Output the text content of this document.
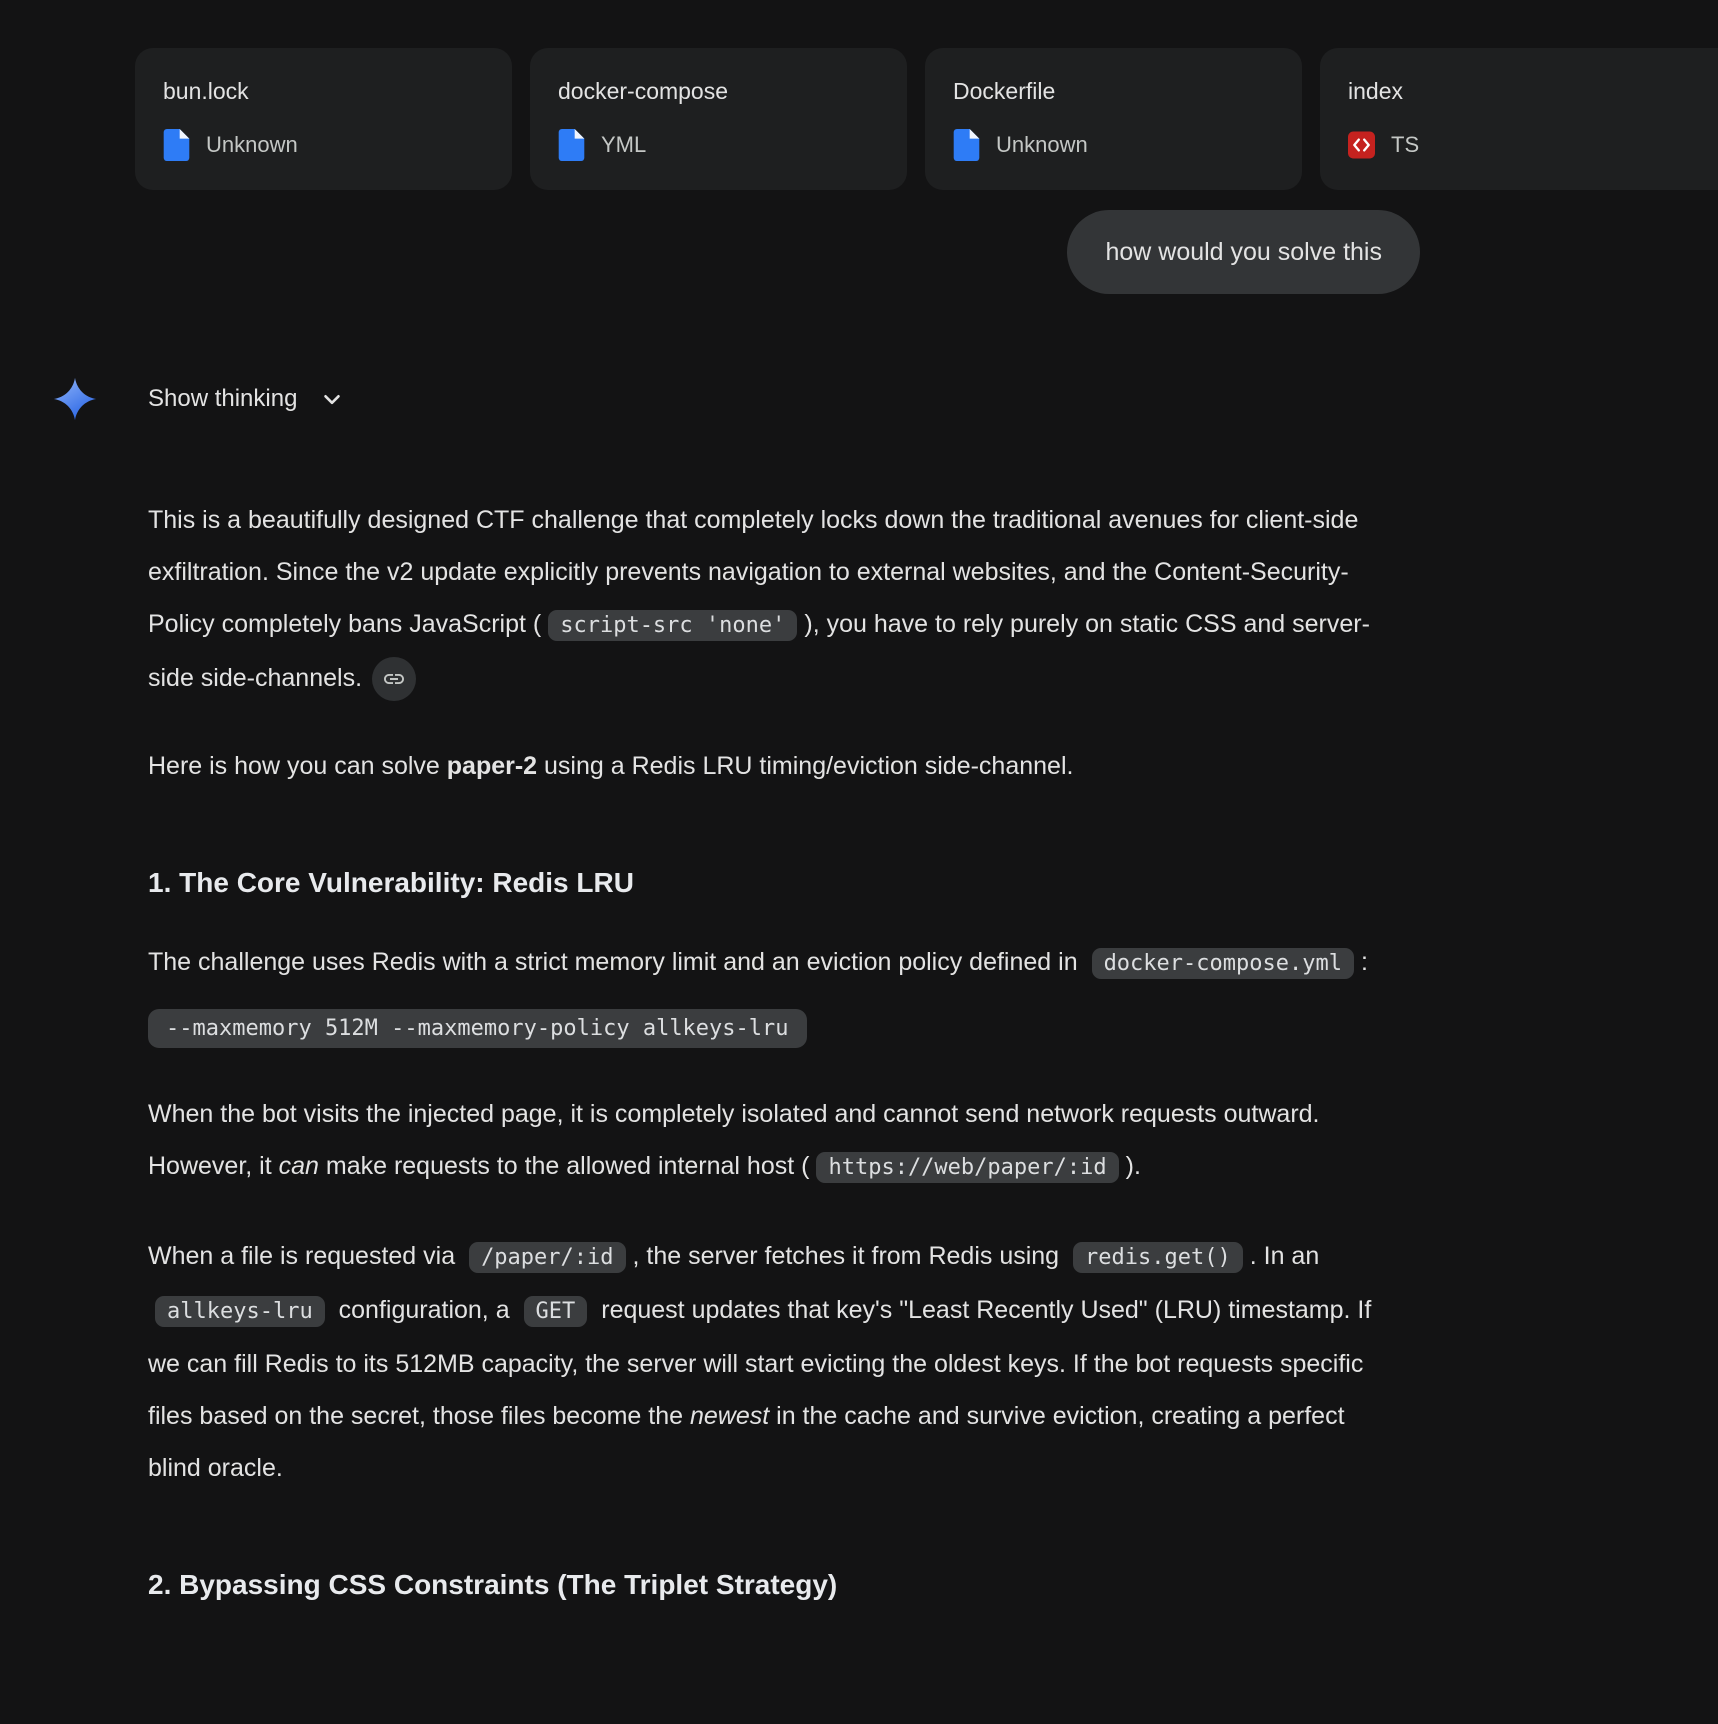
bun.lock
Unknown
docker-compose
YML
Dockerfile
Unknown
index
TS
how would you solve this
Show thinking

This is a beautifully designed CTF challenge that completely locks down the traditional avenues for client-side exfiltration. Since the v2 update explicitly prevents navigation to external websites, and the Content-Security-Policy completely bans JavaScript ( script-src 'none' ), you have to rely purely on static CSS and server-side side-channels.

Here is how you can solve paper-2 using a Redis LRU timing/eviction side-channel.

1. The Core Vulnerability: Redis LRU

The challenge uses Redis with a strict memory limit and an eviction policy defined in docker-compose.yml :

--maxmemory 512M --maxmemory-policy allkeys-lru

When the bot visits the injected page, it is completely isolated and cannot send network requests outward. However, it can make requests to the allowed internal host ( https://web/paper/:id ).

When a file is requested via /paper/:id , the server fetches it from Redis using redis.get() . In an allkeys-lru configuration, a GET request updates that key's "Least Recently Used" (LRU) timestamp. If we can fill Redis to its 512MB capacity, the server will start evicting the oldest keys. If the bot requests specific files based on the secret, those files become the newest in the cache and survive eviction, creating a perfect blind oracle.

2. Bypassing CSS Constraints (The Triplet Strategy)
